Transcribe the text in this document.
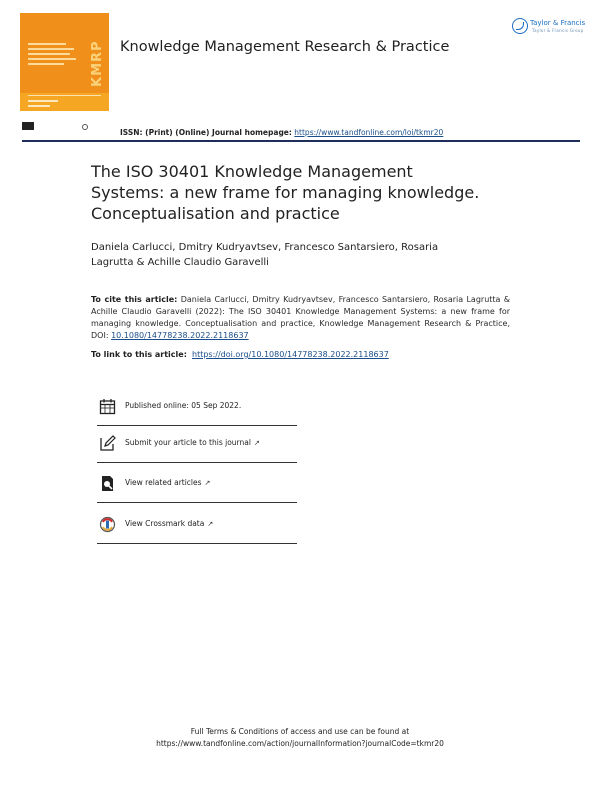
KMRP
Taylor & Francis
Taylor & Francis Group
Knowledge Management Research & Practice
ISSN: (Print) (Online) Journal homepage: https://www.tandfonline.com/loi/tkmr20
The ISO 30401 Knowledge Management
Systems: a new frame for managing knowledge.
Conceptualisation and practice
Daniela Carlucci, Dmitry Kudryavtsev, Francesco Santarsiero, Rosaria
Lagrutta & Achille Claudio Garavelli
To cite this article: Daniela Carlucci, Dmitry Kudryavtsev, Francesco Santarsiero, Rosaria Lagrutta & Achille Claudio Garavelli (2022): The ISO 30401 Knowledge Management Systems: a new frame for managing knowledge. Conceptualisation and practice, Knowledge Management Research & Practice, DOI: 10.1080/14778238.2022.2118637
To link to this article: https://doi.org/10.1080/14778238.2022.2118637
Published online: 05 Sep 2022.
Submit your article to this journal ↗
View related articles ↗
View Crossmark data ↗
Full Terms & Conditions of access and use can be found at
https://www.tandfonline.com/action/journalInformation?journalCode=tkmr20
